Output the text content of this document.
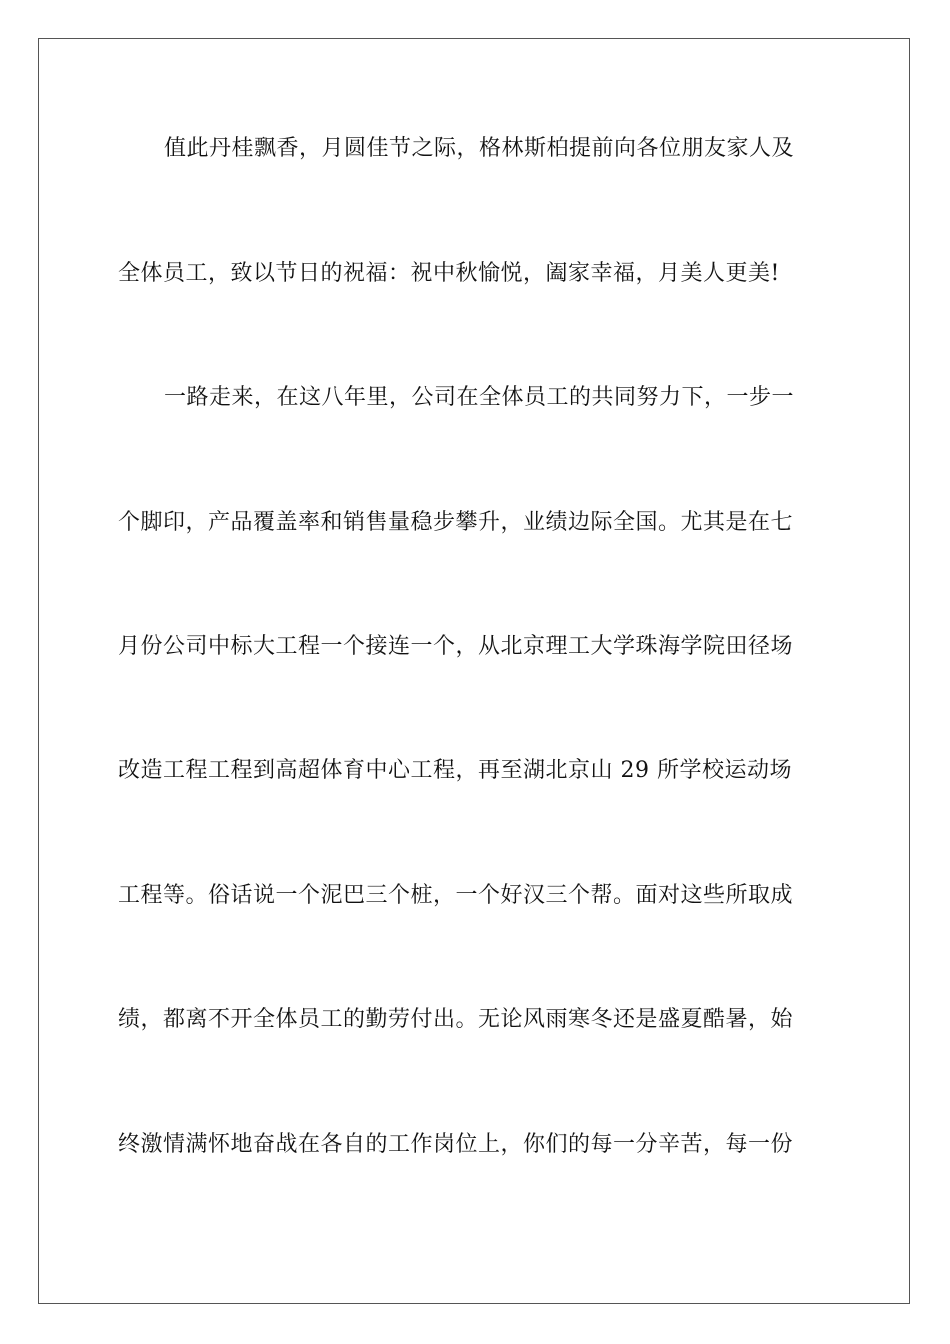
值此丹桂飘香，月圆佳节之际，格林斯柏提前向各位朋友家人及
全体员工，致以节日的祝福：祝中秋愉悦，阖家幸福，月美人更美!
一路走来，在这八年里，公司在全体员工的共同努力下，一步一
个脚印，产品覆盖率和销售量稳步攀升，业绩边际全国。尤其是在七
月份公司中标大工程一个接连一个，从北京理工大学珠海学院田径场
改造工程工程到高超体育中心工程，再至湖北京山 29 所学校运动场
工程等。俗话说一个泥巴三个桩，一个好汉三个帮。面对这些所取成
绩，都离不开全体员工的勤劳付出。无论风雨寒冬还是盛夏酷暑，始
终激情满怀地奋战在各自的工作岗位上，你们的每一分辛苦，每一份
